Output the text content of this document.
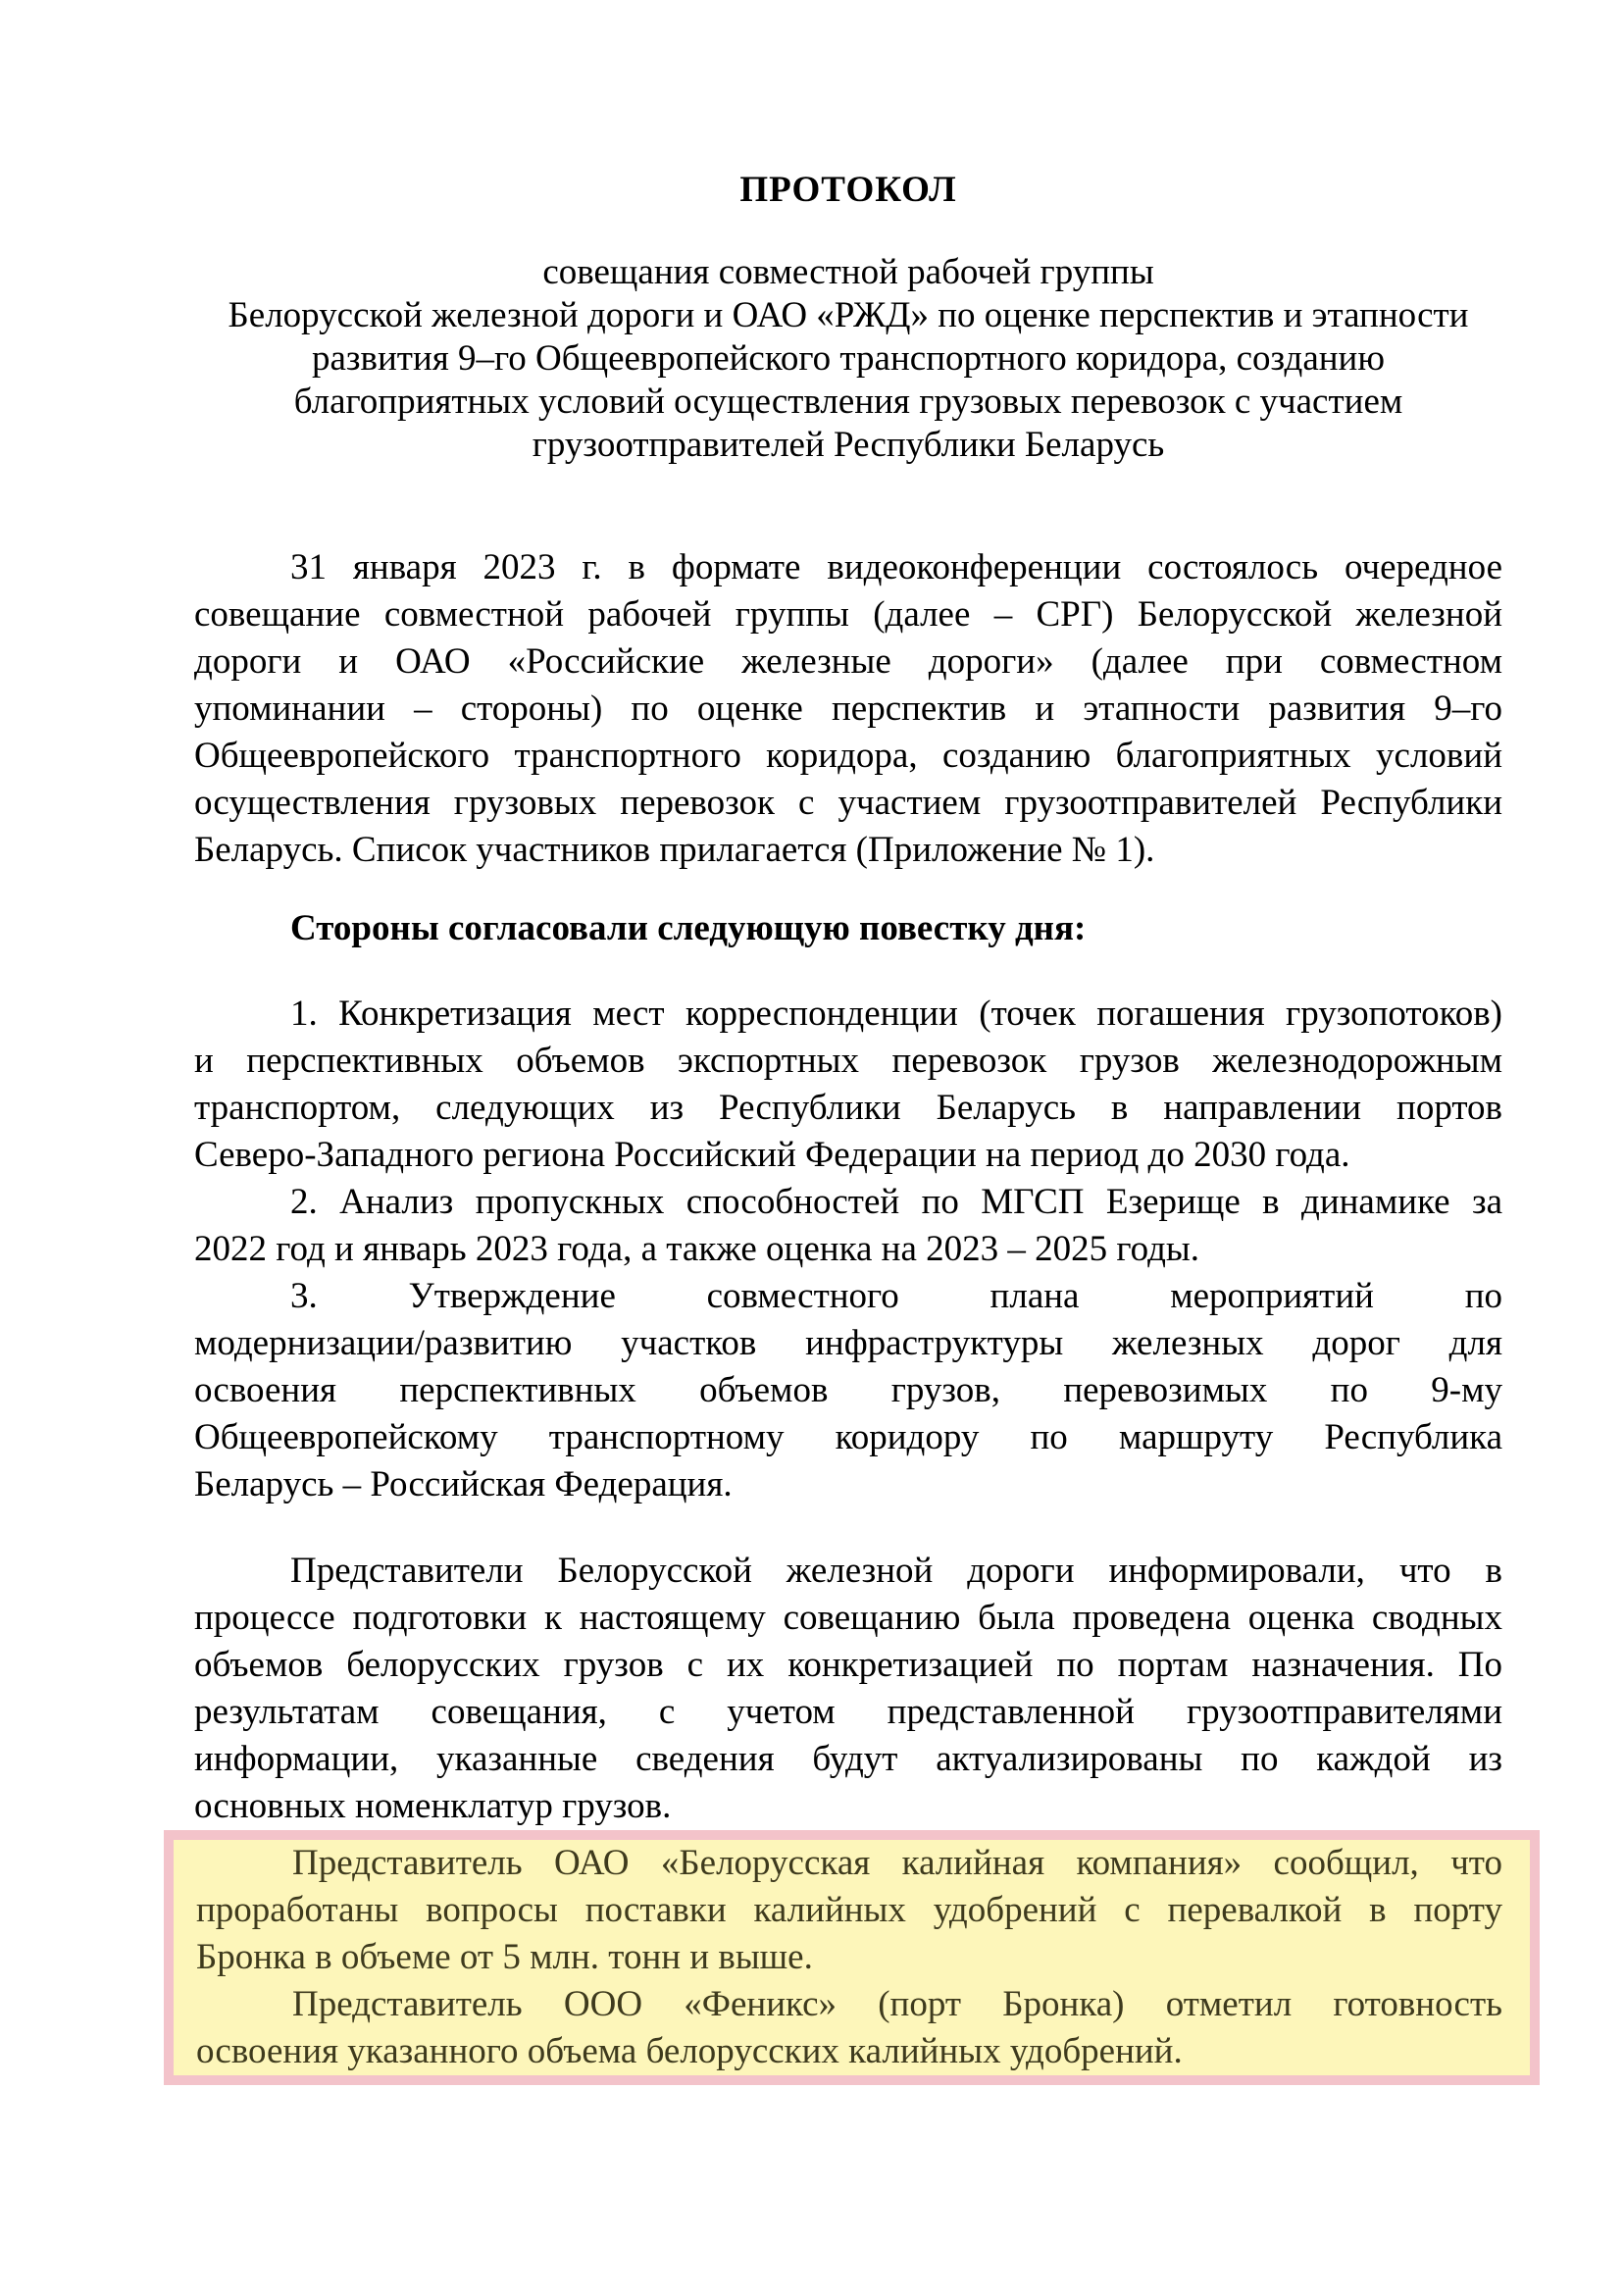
ПРОТОКОЛ
совещания совместной рабочей группы
Белорусской железной дороги и ОАО «РЖД» по оценке перспектив и этапности
развития 9–го Общеевропейского транспортного коридора, созданию
благоприятных условий осуществления грузовых перевозок с участием
грузоотправителей Республики Беларусь
31 января 2023 г. в формате видеоконференции состоялось очередное
совещание совместной рабочей группы (далее – СРГ) Белорусской железной
дороги и ОАО «Российские железные дороги» (далее при совместном
упоминании – стороны) по оценке перспектив и этапности развития 9–го
Общеевропейского транспортного коридора, созданию благоприятных условий
осуществления грузовых перевозок с участием грузоотправителей Республики
Беларусь. Список участников прилагается (Приложение № 1).
Стороны согласовали следующую повестку дня:
1. Конкретизация мест корреспонденции (точек погашения грузопотоков)
и перспективных объемов экспортных перевозок грузов железнодорожным
транспортом, следующих из Республики Беларусь в направлении портов
Северо-Западного региона Российский Федерации на период до 2030 года.
2. Анализ пропускных способностей по МГСП Езерище в динамике за
2022 год и январь 2023 года, а также оценка на 2023 – 2025 годы.
3. Утверждение совместного плана мероприятий по
модернизации/развитию участков инфраструктуры железных дорог для
освоения перспективных объемов грузов, перевозимых по 9-му
Общеевропейскому транспортному коридору по маршруту Республика
Беларусь – Российская Федерация.
Представители Белорусской железной дороги информировали, что в
процессе подготовки к настоящему совещанию была проведена оценка сводных
объемов белорусских грузов с их конкретизацией по портам назначения. По
результатам совещания, с учетом представленной грузоотправителями
информации, указанные сведения будут актуализированы по каждой из
основных номенклатур грузов.
Представитель ОАО «Белорусская калийная компания» сообщил, что
проработаны вопросы поставки калийных удобрений с перевалкой в порту
Бронка в объеме от 5 млн. тонн и выше.
Представитель ООО «Феникс» (порт Бронка) отметил готовность
освоения указанного объема белорусских калийных удобрений.
